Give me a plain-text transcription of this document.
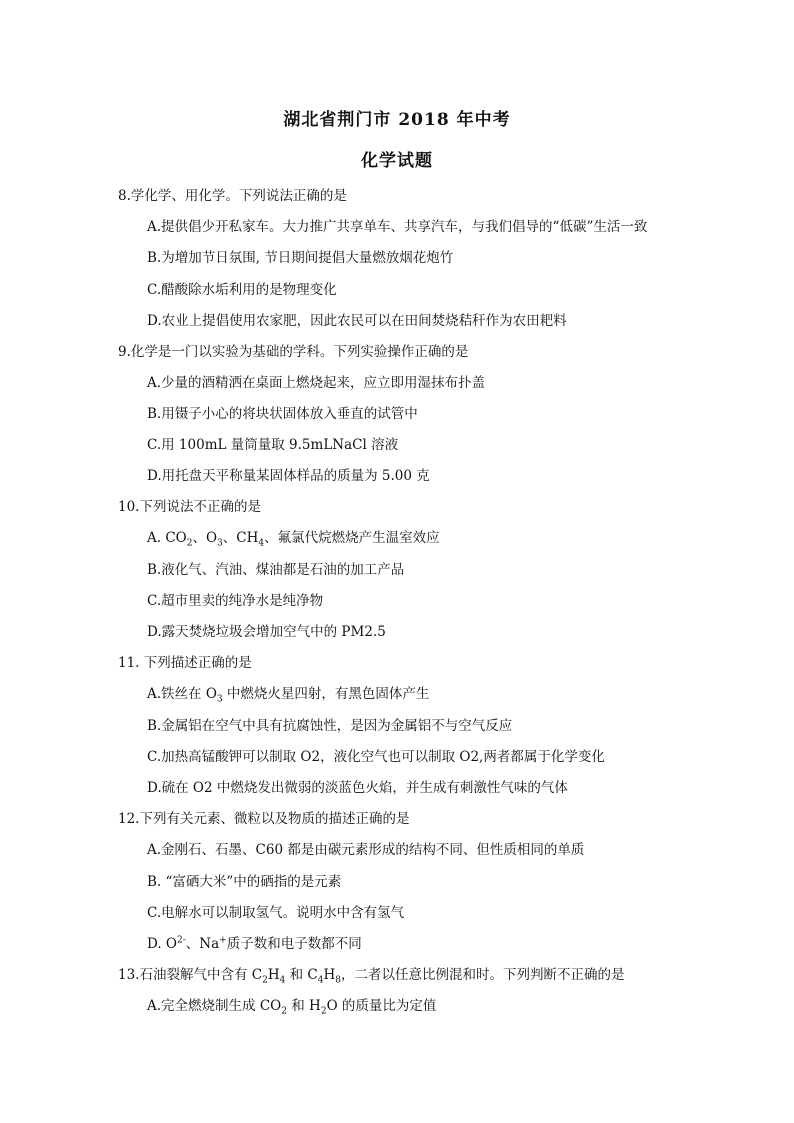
湖北省荆门市 2018 年中考
化学试题
8.学化学、用化学。下列说法正确的是
A.提供倡少开私家车。大力推广共享单车、共享汽车，与我们倡导的“低碳”生活一致
B.为增加节日氛围, 节日期间提倡大量燃放烟花炮竹
C.醋酸除水垢利用的是物理变化
D.农业上提倡使用农家肥，因此农民可以在田间焚烧秸秆作为农田耙料
9.化学是一门以实验为基础的学科。下列实验操作正确的是
A.少量的酒精洒在桌面上燃烧起来，应立即用湿抹布扑盖
B.用镊子小心的将块状固体放入垂直的试管中
C.用 100mL 量筒量取 9.5mLNaCl 溶液
D.用托盘天平称量某固体样品的质量为 5.00 克
10.下列说法不正确的是
A. $CO_2$、$O_3$、$CH_4$、氟氯代烷燃烧产生温室效应
B.液化气、汽油、煤油都是石油的加工产品
C.超市里卖的纯净水是纯净物
D.露天焚烧垃圾会增加空气中的 PM2.5
11. 下列描述正确的是
A.铁丝在 $O_3$ 中燃烧火星四射，有黑色固体产生
B.金属铝在空气中具有抗腐蚀性，是因为金属铝不与空气反应
C.加热高锰酸钾可以制取 O2，液化空气也可以制取 O2,两者都属于化学变化
D.硫在 O2 中燃烧发出微弱的淡蓝色火焰，并生成有刺激性气味的气体
12.下列有关元素、微粒以及物质的描述正确的是
A.金刚石、石墨、C60 都是由碳元素形成的结构不同、但性质相同的单质
B. “富硒大米”中的硒指的是元素
C.电解水可以制取氢气。说明水中含有氢气
D. $O^{2-}$、Na+质子数和电子数都不同
13.石油裂解气中含有 $C_2H_4$ 和 $C_4H_8$，二者以任意比例混和时。下列判断不正确的是
A.完全燃烧制生成 $CO_2$ 和 $H_2O$ 的质量比为定值
